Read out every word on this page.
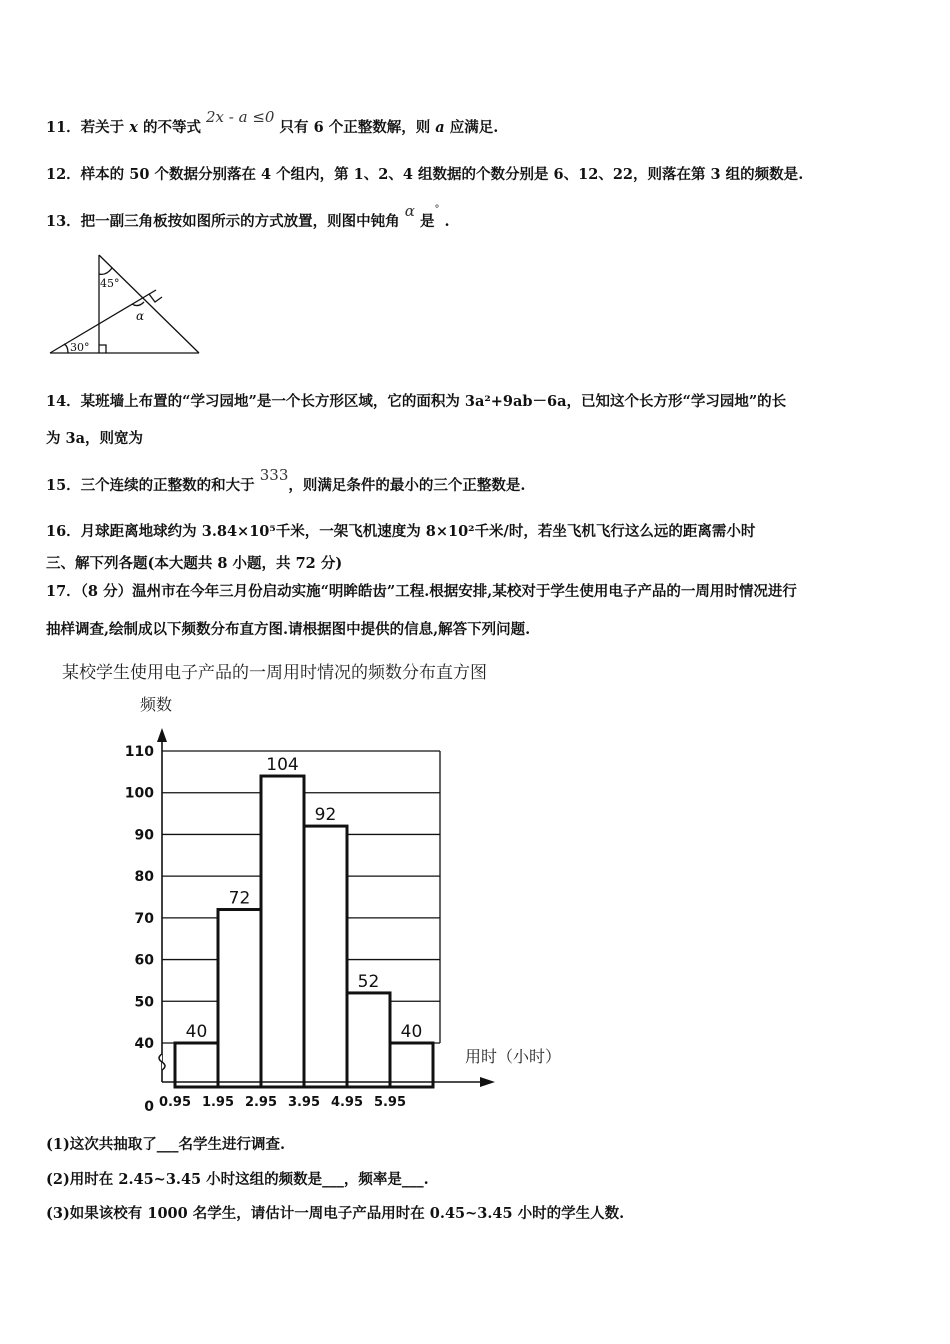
11．若关于 x 的不等式 2x - a ≤0 只有 6 个正整数解，则 a 应满足.
12．样本的 50 个数据分别落在 4 个组内，第 1、2、4 组数据的个数分别是 6、12、22，则落在第 3 组的频数是.
13．把一副三角板按如图所示的方式放置，则图中钝角 α 是° .
45°
α
30°
14．某班墙上布置的“学习园地”是一个长方形区域，它的面积为 3a²+9ab－6a，已知这个长方形“学习园地”的长
为 3a，则宽为
15．三个连续的正整数的和大于 333，则满足条件的最小的三个正整数是.
16．月球距离地球约为 3.84×10⁵千米，一架飞机速度为 8×10²千米/时，若坐飞机飞行这么远的距离需小时
三、解下列各题(本大题共 8 小题，共 72 分)
17．（8 分）温州市在今年三月份启动实施“明眸皓齿”工程.根据安排,某校对于学生使用电子产品的一周用时情况进行
抽样调查,绘制成以下频数分布直方图.请根据图中提供的信息,解答下列问题.
某校学生使用电子产品的一周用时情况的频数分布直方图
频数
用时（小时）
40
72
104
92
52
40
0
40
50
60
70
80
90
100
110
0.95 1.95 2.95 3.95 4.95 5.95
(1)这次共抽取了___名学生进行调查.
(2)用时在 2.45~3.45 小时这组的频数是___，频率是___.
(3)如果该校有 1000 名学生，请估计一周电子产品用时在 0.45~3.45 小时的学生人数.
